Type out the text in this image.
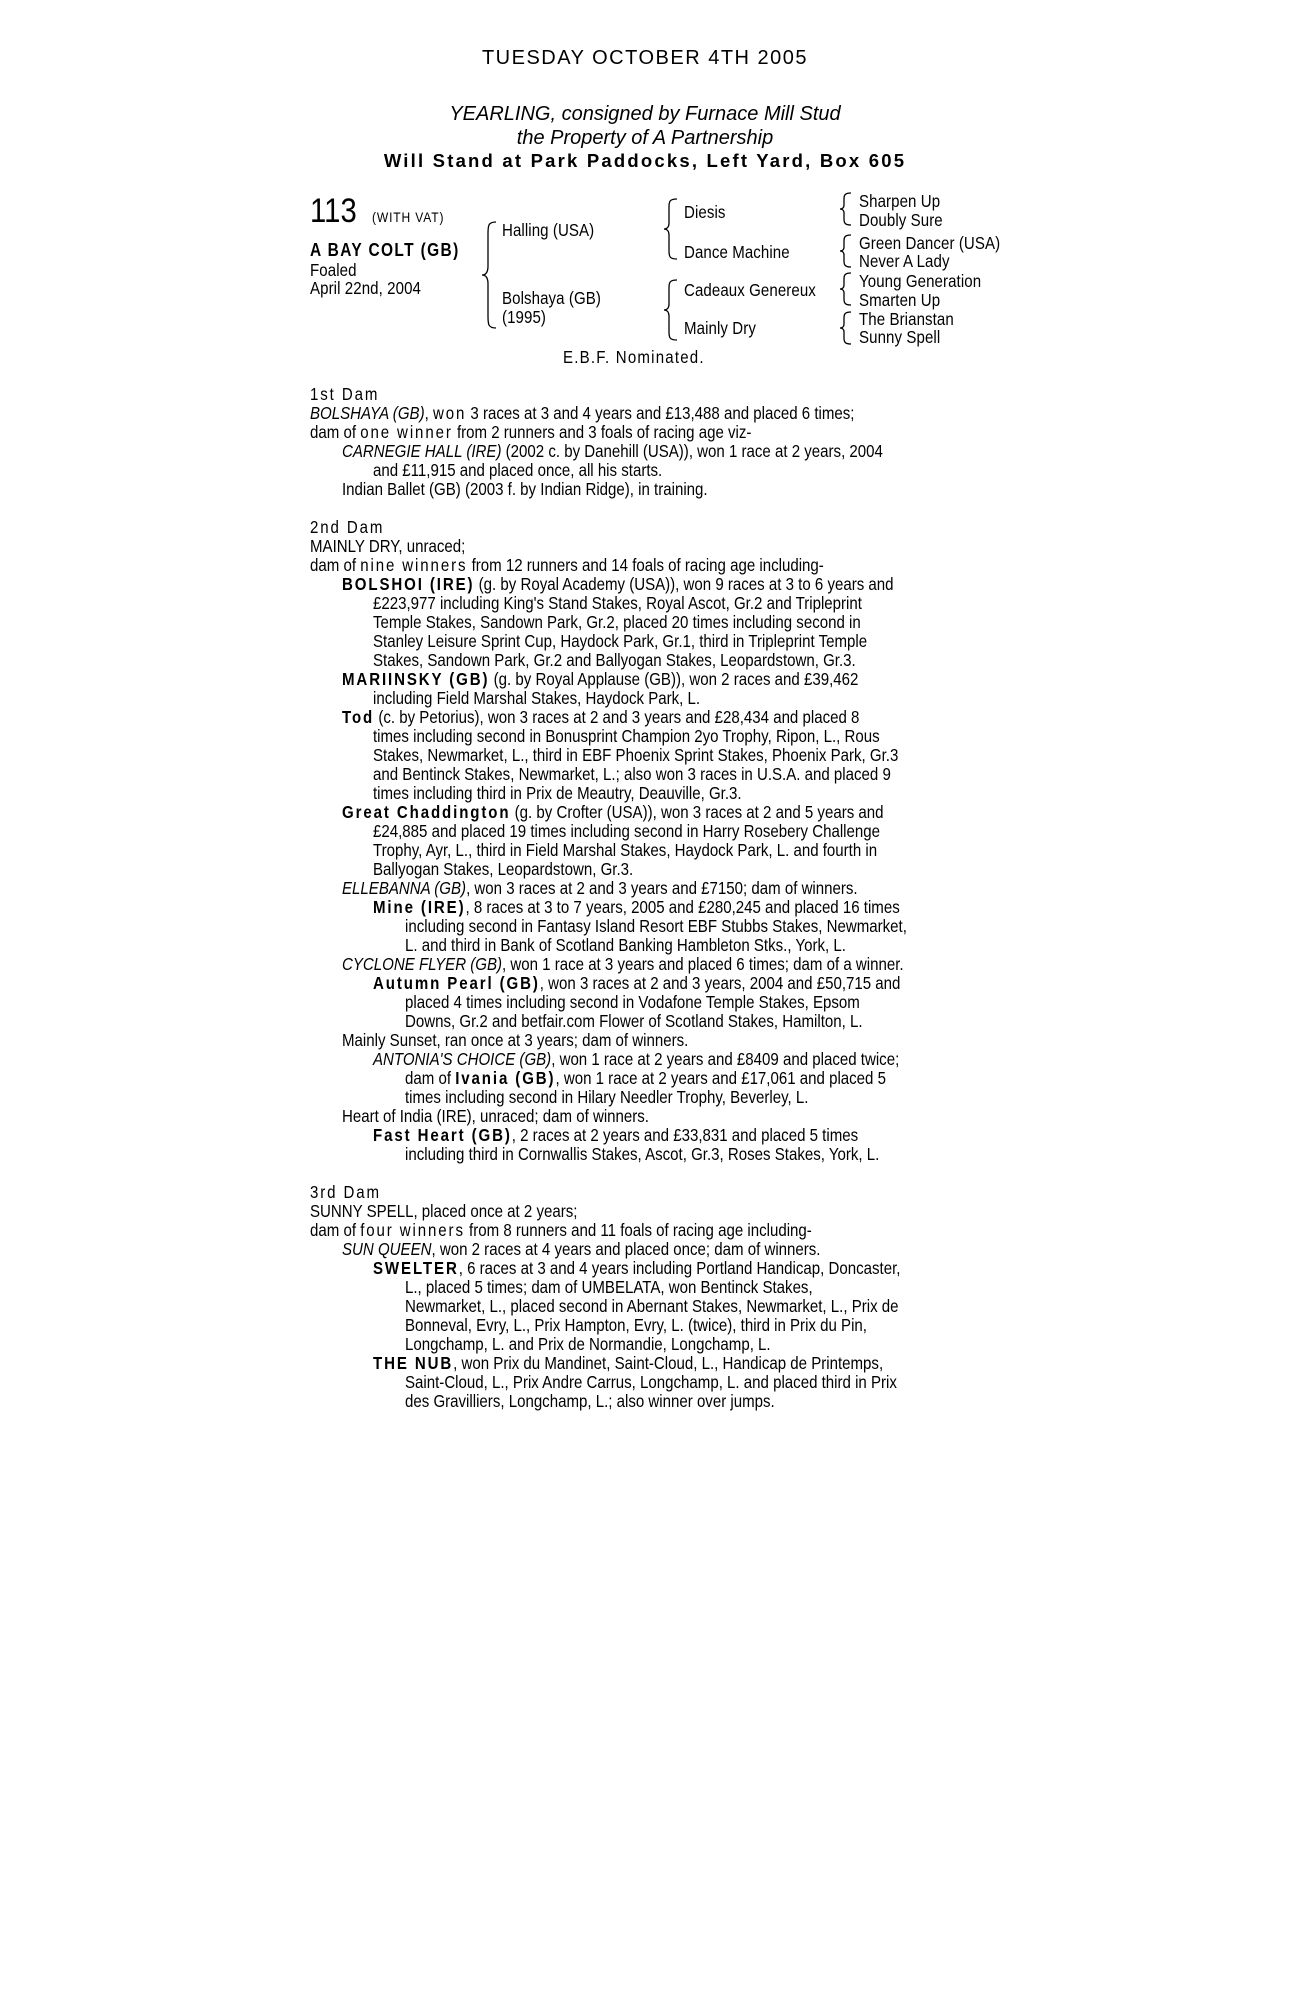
TUESDAY OCTOBER 4TH 2005
YEARLING, consigned by Furnace Mill Stud
the Property of A Partnership
Will Stand at Park Paddocks, Left Yard, Box 605
113 (WITH VAT)
A BAY COLT (GB)
Foaled
April 22nd, 2004
Halling (USA)
Bolshaya (GB)
(1995)
Diesis
Dance Machine
Cadeaux Genereux
Mainly Dry
Sharpen Up
Doubly Sure
Green Dancer (USA)
Never A Lady
Young Generation
Smarten Up
The Brianstan
Sunny Spell
E.B.F. Nominated.
1st Dam
BOLSHAYA (GB), won 3 races at 3 and 4 years and £13,488 and placed 6 times;
dam of one winner from 2 runners and 3 foals of racing age viz-
CARNEGIE HALL (IRE) (2002 c. by Danehill (USA)), won 1 race at 2 years, 2004
and £11,915 and placed once, all his starts.
Indian Ballet (GB) (2003 f. by Indian Ridge), in training.
2nd Dam
MAINLY DRY, unraced;
dam of nine winners from 12 runners and 14 foals of racing age including-
BOLSHOI (IRE) (g. by Royal Academy (USA)), won 9 races at 3 to 6 years and
£223,977 including King's Stand Stakes, Royal Ascot, Gr.2 and Tripleprint
Temple Stakes, Sandown Park, Gr.2, placed 20 times including second in
Stanley Leisure Sprint Cup, Haydock Park, Gr.1, third in Tripleprint Temple
Stakes, Sandown Park, Gr.2 and Ballyogan Stakes, Leopardstown, Gr.3.
MARIINSKY (GB) (g. by Royal Applause (GB)), won 2 races and £39,462
including Field Marshal Stakes, Haydock Park, L.
Tod (c. by Petorius), won 3 races at 2 and 3 years and £28,434 and placed 8
times including second in Bonusprint Champion 2yo Trophy, Ripon, L., Rous
Stakes, Newmarket, L., third in EBF Phoenix Sprint Stakes, Phoenix Park, Gr.3
and Bentinck Stakes, Newmarket, L.; also won 3 races in U.S.A. and placed 9
times including third in Prix de Meautry, Deauville, Gr.3.
Great Chaddington (g. by Crofter (USA)), won 3 races at 2 and 5 years and
£24,885 and placed 19 times including second in Harry Rosebery Challenge
Trophy, Ayr, L., third in Field Marshal Stakes, Haydock Park, L. and fourth in
Ballyogan Stakes, Leopardstown, Gr.3.
ELLEBANNA (GB), won 3 races at 2 and 3 years and £7150; dam of winners.
Mine (IRE), 8 races at 3 to 7 years, 2005 and £280,245 and placed 16 times
including second in Fantasy Island Resort EBF Stubbs Stakes, Newmarket,
L. and third in Bank of Scotland Banking Hambleton Stks., York, L.
CYCLONE FLYER (GB), won 1 race at 3 years and placed 6 times; dam of a winner.
Autumn Pearl (GB), won 3 races at 2 and 3 years, 2004 and £50,715 and
placed 4 times including second in Vodafone Temple Stakes, Epsom
Downs, Gr.2 and betfair.com Flower of Scotland Stakes, Hamilton, L.
Mainly Sunset, ran once at 3 years; dam of winners.
ANTONIA'S CHOICE (GB), won 1 race at 2 years and £8409 and placed twice;
dam of Ivania (GB), won 1 race at 2 years and £17,061 and placed 5
times including second in Hilary Needler Trophy, Beverley, L.
Heart of India (IRE), unraced; dam of winners.
Fast Heart (GB), 2 races at 2 years and £33,831 and placed 5 times
including third in Cornwallis Stakes, Ascot, Gr.3, Roses Stakes, York, L.
3rd Dam
SUNNY SPELL, placed once at 2 years;
dam of four winners from 8 runners and 11 foals of racing age including-
SUN QUEEN, won 2 races at 4 years and placed once; dam of winners.
SWELTER, 6 races at 3 and 4 years including Portland Handicap, Doncaster,
L., placed 5 times; dam of UMBELATA, won Bentinck Stakes,
Newmarket, L., placed second in Abernant Stakes, Newmarket, L., Prix de
Bonneval, Evry, L., Prix Hampton, Evry, L. (twice), third in Prix du Pin,
Longchamp, L. and Prix de Normandie, Longchamp, L.
THE NUB, won Prix du Mandinet, Saint-Cloud, L., Handicap de Printemps,
Saint-Cloud, L., Prix Andre Carrus, Longchamp, L. and placed third in Prix
des Gravilliers, Longchamp, L.; also winner over jumps.
